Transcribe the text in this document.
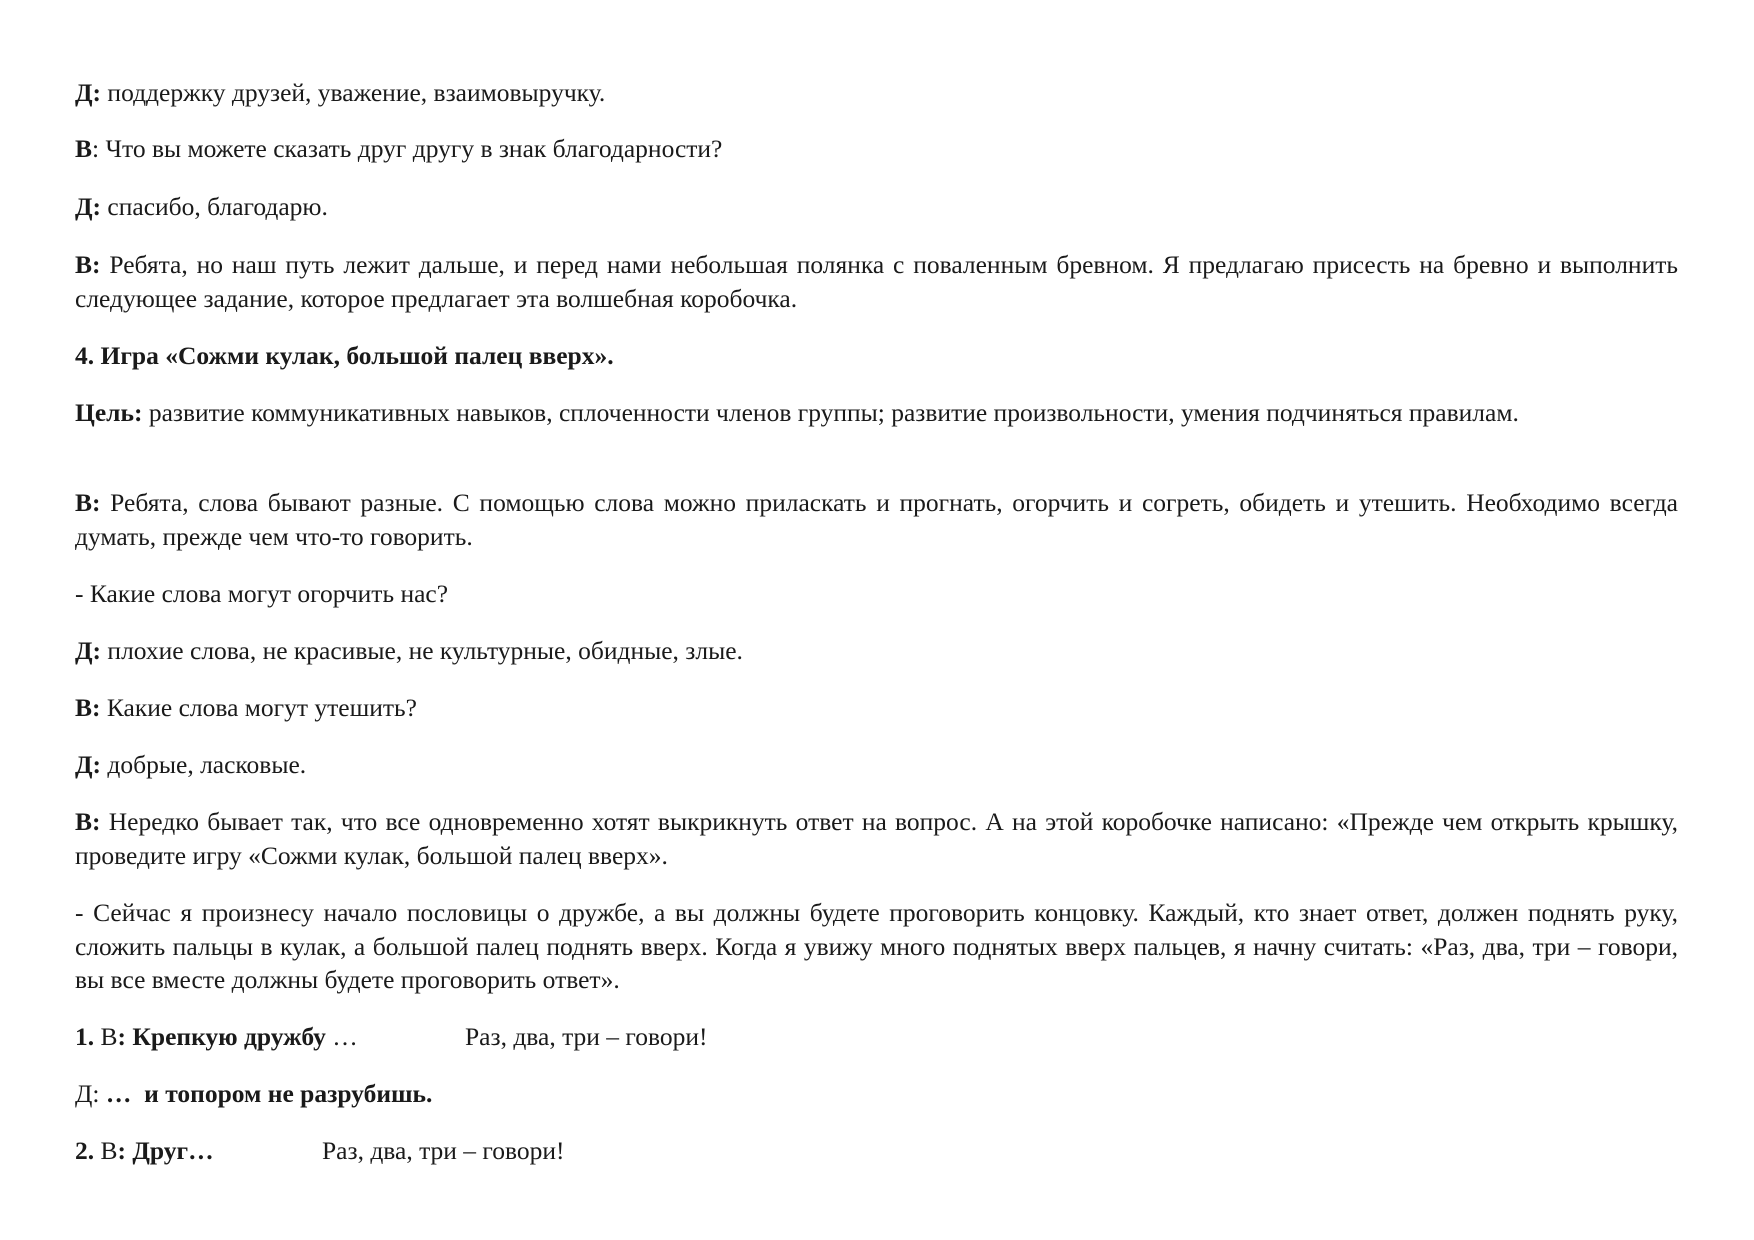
Д: поддержку друзей, уважение, взаимовыручку.

В: Что вы можете сказать друг другу в знак благодарности?

Д: спасибо, благодарю.

В: Ребята, но наш путь лежит дальше, и перед нами небольшая полянка с поваленным бревном. Я предлагаю присесть на бревно и выполнить следующее задание, которое предлагает эта волшебная коробочка.

4. Игра «Сожми кулак, большой палец вверх».

Цель: развитие коммуникативных навыков, сплоченности членов группы; развитие произвольности, умения подчиняться правилам.

В: Ребята, слова бывают разные. С помощью слова можно приласкать и прогнать, огорчить и согреть, обидеть и утешить. Необходимо всегда думать, прежде чем что-то говорить.

- Какие слова могут огорчить нас?

Д: плохие слова, не красивые, не культурные, обидные, злые.

В: Какие слова могут утешить?

Д: добрые, ласковые.

В: Нередко бывает так, что все одновременно хотят выкрикнуть ответ на вопрос. А на этой коробочке написано: «Прежде чем открыть крышку, проведите игру «Сожми кулак, большой палец вверх».

- Сейчас я произнесу начало пословицы о дружбе, а вы должны будете проговорить концовку. Каждый, кто знает ответ, должен поднять руку, сложить пальцы в кулак, а большой палец поднять вверх. Когда я увижу много поднятых вверх пальцев, я начну считать: «Раз, два, три – говори, вы все вместе должны будете проговорить ответ».

1. В: Крепкую дружбу …	Раз, два, три – говори!

Д: …  и топором не разрубишь.

2. В: Друг…	Раз, два, три – говори!
